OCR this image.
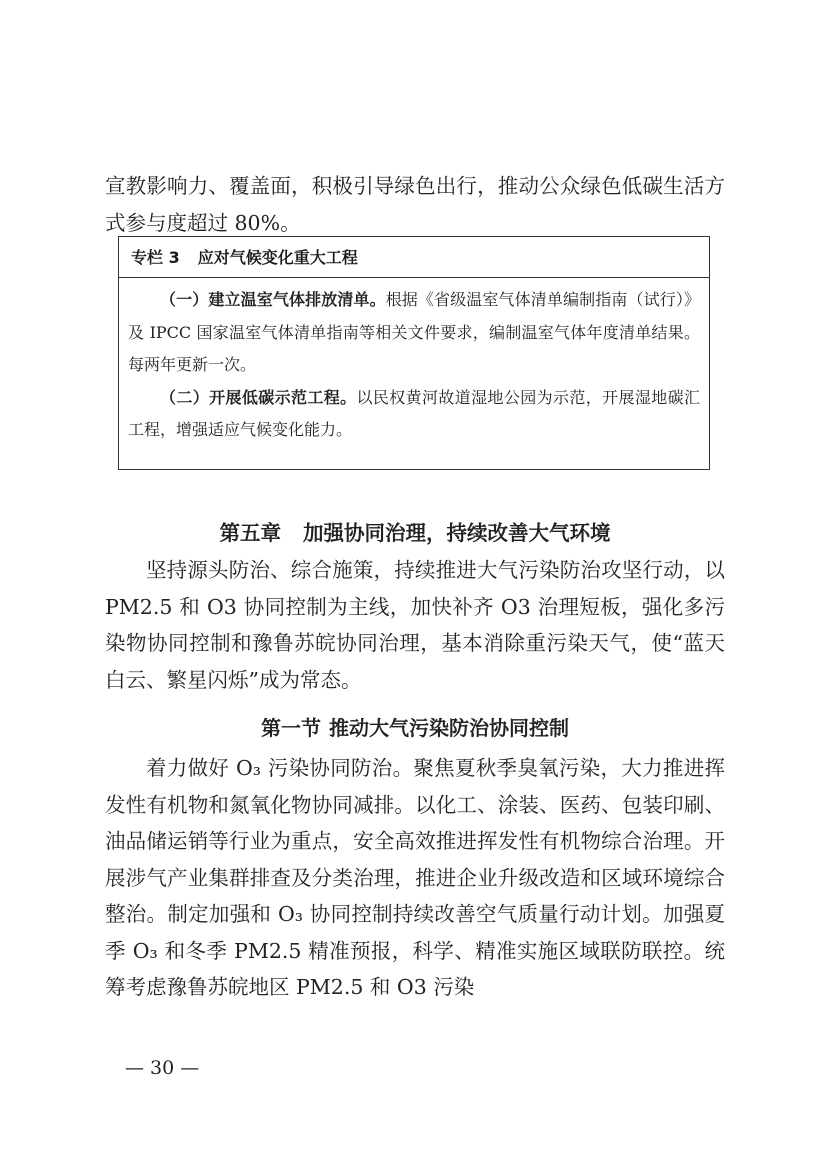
宣教影响力、覆盖面，积极引导绿色出行，推动公众绿色低碳生活方式参与度超过 80%。

专栏 3 应对气候变化重大工程

（一）建立温室气体排放清单。根据《省级温室气体清单编制指南（试行）》及 IPCC 国家温室气体清单指南等相关文件要求，编制温室气体年度清单结果。每两年更新一次。

（二）开展低碳示范工程。以民权黄河故道湿地公园为示范，开展湿地碳汇工程，增强适应气候变化能力。

第五章 加强协同治理，持续改善大气环境

坚持源头防治、综合施策，持续推进大气污染防治攻坚行动，以 PM2.5 和 O3 协同控制为主线，加快补齐 O3 治理短板，强化多污染物协同控制和豫鲁苏皖协同治理，基本消除重污染天气，使“蓝天白云、繁星闪烁”成为常态。

第一节 推动大气污染防治协同控制

着力做好 O₃ 污染协同防治。聚焦夏秋季臭氧污染，大力推进挥发性有机物和氮氧化物协同减排。以化工、涂装、医药、包装印刷、油品储运销等行业为重点，安全高效推进挥发性有机物综合治理。开展涉气产业集群排查及分类治理，推进企业升级改造和区域环境综合整治。制定加强和 O₃ 协同控制持续改善空气质量行动计划。加强夏季 O₃ 和冬季 PM2.5 精准预报，科学、精准实施区域联防联控。统筹考虑豫鲁苏皖地区 PM2.5 和 O3 污染

— 30 —
